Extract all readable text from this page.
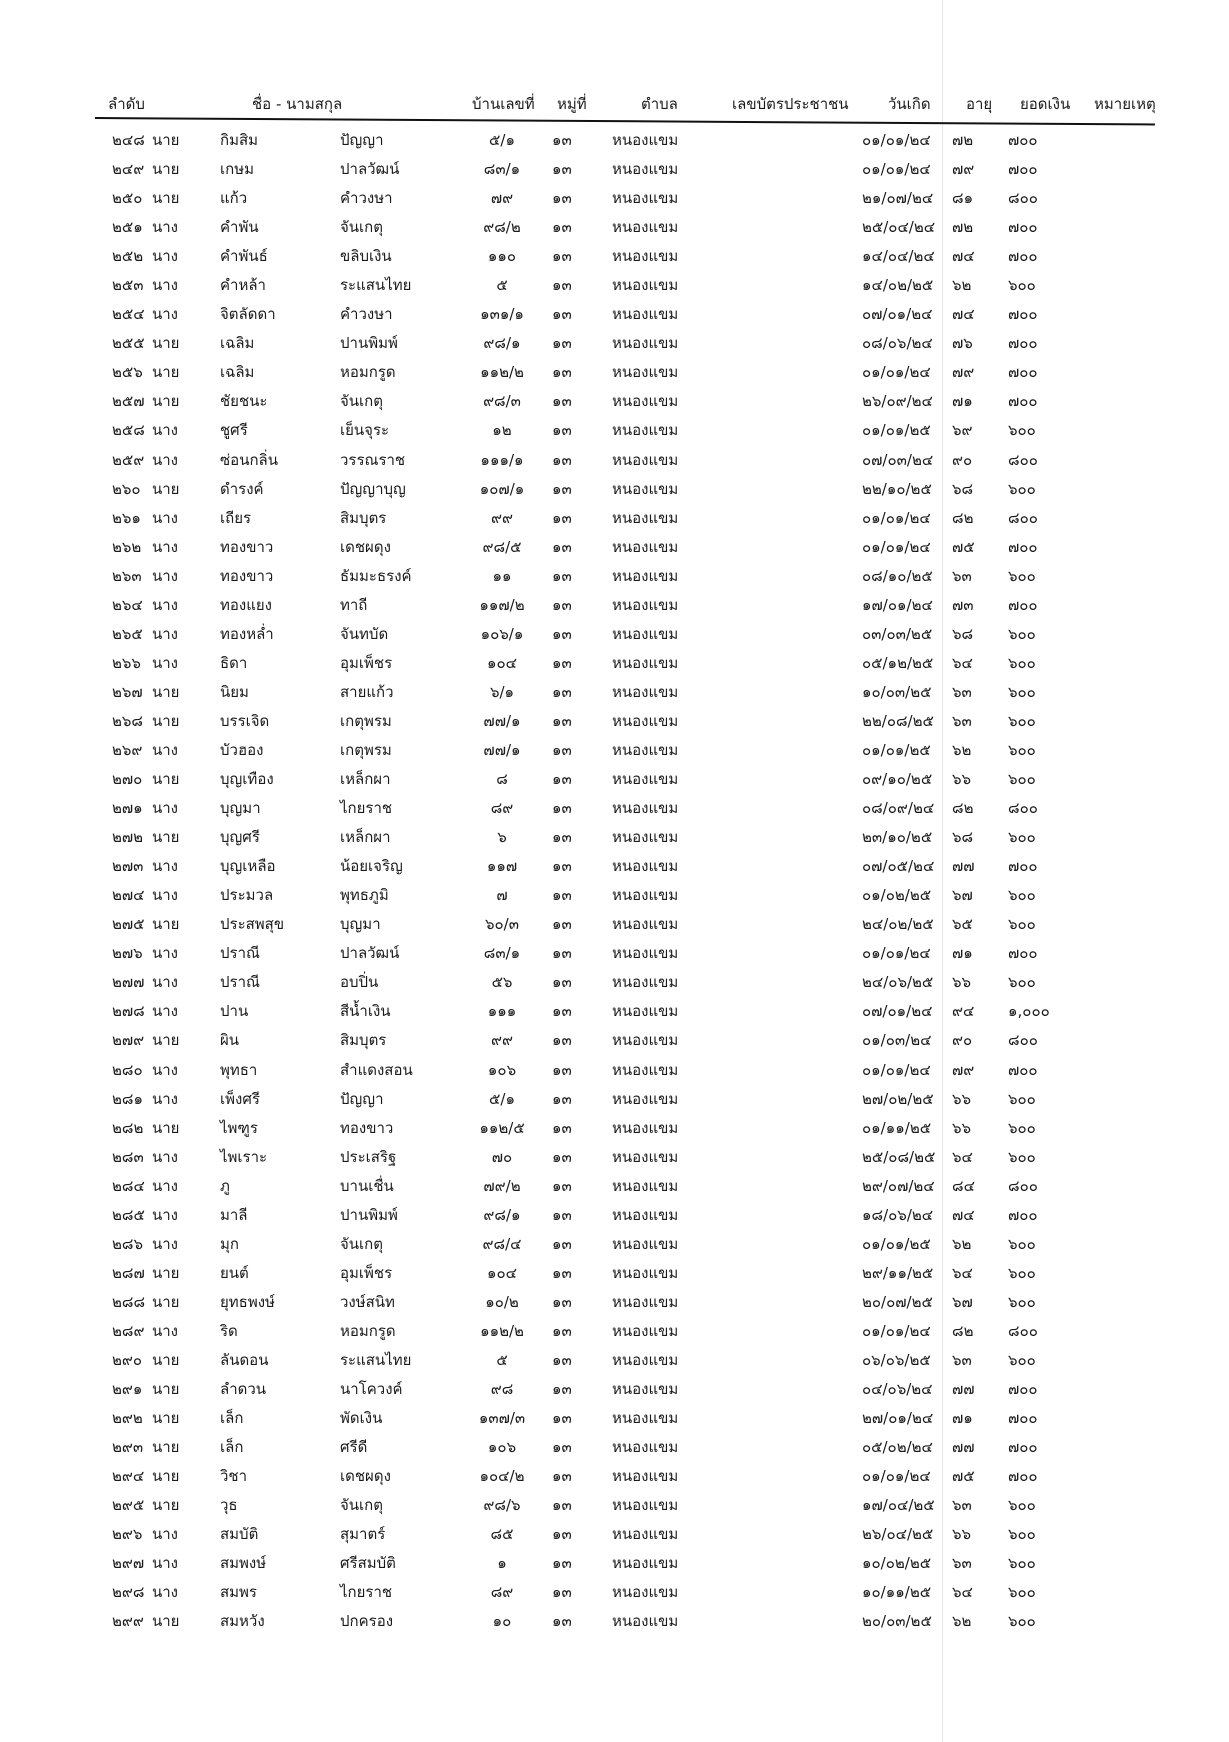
ลำดับ	ชื่อ - นามสกุล	บ้านเลขที่ หมู่ที่	ตำบล	เลขบัตรประชาชน	วันเกิด อายุ ยอดเงิน หมายเหตุ
๒๔๘ นาย	กิมสิม	ปัญญา	๕/๑	๑๓	หนองแขม	๐๑/๐๑/๒๔ ๗๒ ๗๐๐
๒๔๙ นาย	เกษม	ปาลวัฒน์	๘๓/๑	๑๓	หนองแขม	๐๑/๐๑/๒๔ ๗๙ ๗๐๐
๒๕๐ นาย	แก้ว	คำวงษา	๗๙	๑๓	หนองแขม	๒๑/๐๗/๒๔ ๘๑ ๘๐๐
๒๕๑ นาง	คำพัน	จันเกตุ	๙๘/๒	๑๓	หนองแขม	๒๕/๐๔/๒๔ ๗๒ ๗๐๐
๒๕๒ นาง	คำพันธ์	ขลิบเงิน	๑๑๐	๑๓	หนองแขม	๑๔/๐๔/๒๔ ๗๔ ๗๐๐
๒๕๓ นาง	คำหล้า	ระแสนไทย	๕	๑๓	หนองแขม	๑๔/๐๒/๒๕ ๖๒ ๖๐๐
๒๕๔ นาง	จิตลัดดา	คำวงษา	๑๓๑/๑	๑๓	หนองแขม	๐๗/๐๑/๒๔ ๗๔ ๗๐๐
๒๕๕ นาย	เฉลิม	ปานพิมพ์	๙๘/๑	๑๓	หนองแขม	๐๘/๐๖/๒๔ ๗๖ ๗๐๐
๒๕๖ นาย	เฉลิม	หอมกรูด	๑๑๒/๒	๑๓	หนองแขม	๐๑/๐๑/๒๔ ๗๙ ๗๐๐
๒๕๗ นาย	ชัยชนะ	จันเกตุ	๙๘/๓	๑๓	หนองแขม	๒๖/๐๙/๒๔ ๗๑ ๗๐๐
๒๕๘ นาง	ชูศรี	เย็นจุระ	๑๒	๑๓	หนองแขม	๐๑/๐๑/๒๕ ๖๙ ๖๐๐
๒๕๙ นาง	ซ่อนกลิ่น	วรรณราช	๑๑๑/๑	๑๓	หนองแขม	๐๗/๐๓/๒๔ ๙๐ ๘๐๐
๒๖๐ นาย	ดำรงค์	ปัญญาบุญ	๑๐๗/๑	๑๓	หนองแขม	๒๒/๑๐/๒๕ ๖๘ ๖๐๐
๒๖๑ นาง	เถียร	สิมบุตร	๙๙	๑๓	หนองแขม	๐๑/๐๑/๒๔ ๘๒ ๘๐๐
๒๖๒ นาง	ทองขาว	เดชผดุง	๙๘/๕	๑๓	หนองแขม	๐๑/๐๑/๒๔ ๗๕ ๗๐๐
๒๖๓ นาง	ทองขาว	ธัมมะธรงค์	๑๑	๑๓	หนองแขม	๐๘/๑๐/๒๕ ๖๓ ๖๐๐
๒๖๔ นาง	ทองแยง	ทาถี	๑๑๗/๒	๑๓	หนองแขม	๑๗/๐๑/๒๔ ๗๓ ๗๐๐
๒๖๕ นาง	ทองหล่ำ	จันทบัด	๑๐๖/๑	๑๓	หนองแขม	๐๓/๐๓/๒๕ ๖๘ ๖๐๐
๒๖๖ นาง	ธิดา	อุมเพ็ชร	๑๐๔	๑๓	หนองแขม	๐๕/๑๒/๒๕ ๖๔ ๖๐๐
๒๖๗ นาย	นิยม	สายแก้ว	๖/๑	๑๓	หนองแขม	๑๐/๐๓/๒๕ ๖๓ ๖๐๐
๒๖๘ นาย	บรรเจิด	เกตุพรม	๗๗/๑	๑๓	หนองแขม	๒๒/๐๘/๒๕ ๖๓ ๖๐๐
๒๖๙ นาง	บัวฮอง	เกตุพรม	๗๗/๑	๑๓	หนองแขม	๐๑/๐๑/๒๕ ๖๒ ๖๐๐
๒๗๐ นาย	บุญเทือง	เหล็กผา	๘	๑๓	หนองแขม	๐๙/๑๐/๒๕ ๖๖ ๖๐๐
๒๗๑ นาง	บุญมา	ไกยราช	๘๙	๑๓	หนองแขม	๐๘/๐๙/๒๔ ๘๒ ๘๐๐
๒๗๒ นาย	บุญศรี	เหล็กผา	๖	๑๓	หนองแขม	๒๓/๑๐/๒๕ ๖๘ ๖๐๐
๒๗๓ นาง	บุญเหลือ	น้อยเจริญ	๑๑๗	๑๓	หนองแขม	๐๗/๐๕/๒๔ ๗๗ ๗๐๐
๒๗๔ นาง	ประมวล	พุทธภูมิ	๗	๑๓	หนองแขม	๐๑/๐๒/๒๕ ๖๗ ๖๐๐
๒๗๕ นาย	ประสพสุข	บุญมา	๖๐/๓	๑๓	หนองแขม	๒๔/๐๒/๒๕ ๖๕ ๖๐๐
๒๗๖ นาง	ปราณี	ปาลวัฒน์	๘๓/๑	๑๓	หนองแขม	๐๑/๐๑/๒๔ ๗๑ ๗๐๐
๒๗๗ นาง	ปราณี	อบปิ่น	๕๖	๑๓	หนองแขม	๒๔/๐๖/๒๕ ๖๖ ๖๐๐
๒๗๘ นาง	ปาน	สีน้ำเงิน	๑๑๑	๑๓	หนองแขม	๐๗/๐๑/๒๔ ๙๔ ๑,๐๐๐
๒๗๙ นาย	ผิน	สิมบุตร	๙๙	๑๓	หนองแขม	๐๑/๐๓/๒๔ ๙๐ ๘๐๐
๒๘๐ นาง	พุทธา	สำแดงสอน	๑๐๖	๑๓	หนองแขม	๐๑/๐๑/๒๔ ๗๙ ๗๐๐
๒๘๑ นาง	เพ็งศรี	ปัญญา	๕/๑	๑๓	หนองแขม	๒๗/๐๒/๒๕ ๖๖ ๖๐๐
๒๘๒ นาย	ไพฑูร	ทองขาว	๑๑๒/๕	๑๓	หนองแขม	๐๑/๑๑/๒๕ ๖๖ ๖๐๐
๒๘๓ นาง	ไพเราะ	ประเสริฐ	๗๐	๑๓	หนองแขม	๒๕/๐๘/๒๕ ๖๔ ๖๐๐
๒๘๔ นาง	ภู	บานเชื่น	๗๙/๒	๑๓	หนองแขม	๒๙/๐๗/๒๔ ๘๔ ๘๐๐
๒๘๕ นาง	มาลี	ปานพิมพ์	๙๘/๑	๑๓	หนองแขม	๑๘/๐๖/๒๔ ๗๔ ๗๐๐
๒๘๖ นาง	มุก	จันเกตุ	๙๘/๔	๑๓	หนองแขม	๐๑/๐๑/๒๕ ๖๒ ๖๐๐
๒๘๗ นาย	ยนต์	อุมเพ็ชร	๑๐๔	๑๓	หนองแขม	๒๙/๑๑/๒๕ ๖๔ ๖๐๐
๒๘๘ นาย	ยุทธพงษ์	วงษ์สนิท	๑๐/๒	๑๓	หนองแขม	๒๐/๐๗/๒๕ ๖๗ ๖๐๐
๒๘๙ นาง	ริด	หอมกรูด	๑๑๒/๒	๑๓	หนองแขม	๐๑/๐๑/๒๔ ๘๒ ๘๐๐
๒๙๐ นาย	ลันดอน	ระแสนไทย	๕	๑๓	หนองแขม	๐๖/๐๖/๒๕ ๖๓ ๖๐๐
๒๙๑ นาย	ลำดวน	นาโควงค์	๙๘	๑๓	หนองแขม	๐๔/๐๖/๒๔ ๗๗ ๗๐๐
๒๙๒ นาย	เล็ก	พัดเงิน	๑๓๗/๓	๑๓	หนองแขม	๒๗/๐๑/๒๔ ๗๑ ๗๐๐
๒๙๓ นาย	เล็ก	ศรีดี	๑๐๖	๑๓	หนองแขม	๐๕/๐๒/๒๔ ๗๗ ๗๐๐
๒๙๔ นาย	วิชา	เดชผดุง	๑๐๔/๒	๑๓	หนองแขม	๐๑/๐๑/๒๔ ๗๕ ๗๐๐
๒๙๕ นาย	วุธ	จันเกตุ	๙๘/๖	๑๓	หนองแขม	๑๗/๐๔/๒๕ ๖๓ ๖๐๐
๒๙๖ นาง	สมบัติ	สุมาตร์	๘๕	๑๓	หนองแขม	๒๖/๐๔/๒๕ ๖๖ ๖๐๐
๒๙๗ นาง	สมพงษ์	ศรีสมบัติ	๑	๑๓	หนองแขม	๑๐/๐๒/๒๕ ๖๓ ๖๐๐
๒๙๘ นาง	สมพร	ไกยราช	๘๙	๑๓	หนองแขม	๑๐/๑๑/๒๕ ๖๔ ๖๐๐
๒๙๙ นาย	สมหวัง	ปกครอง	๑๐	๑๓	หนองแขม	๒๐/๐๓/๒๕ ๖๒ ๖๐๐
